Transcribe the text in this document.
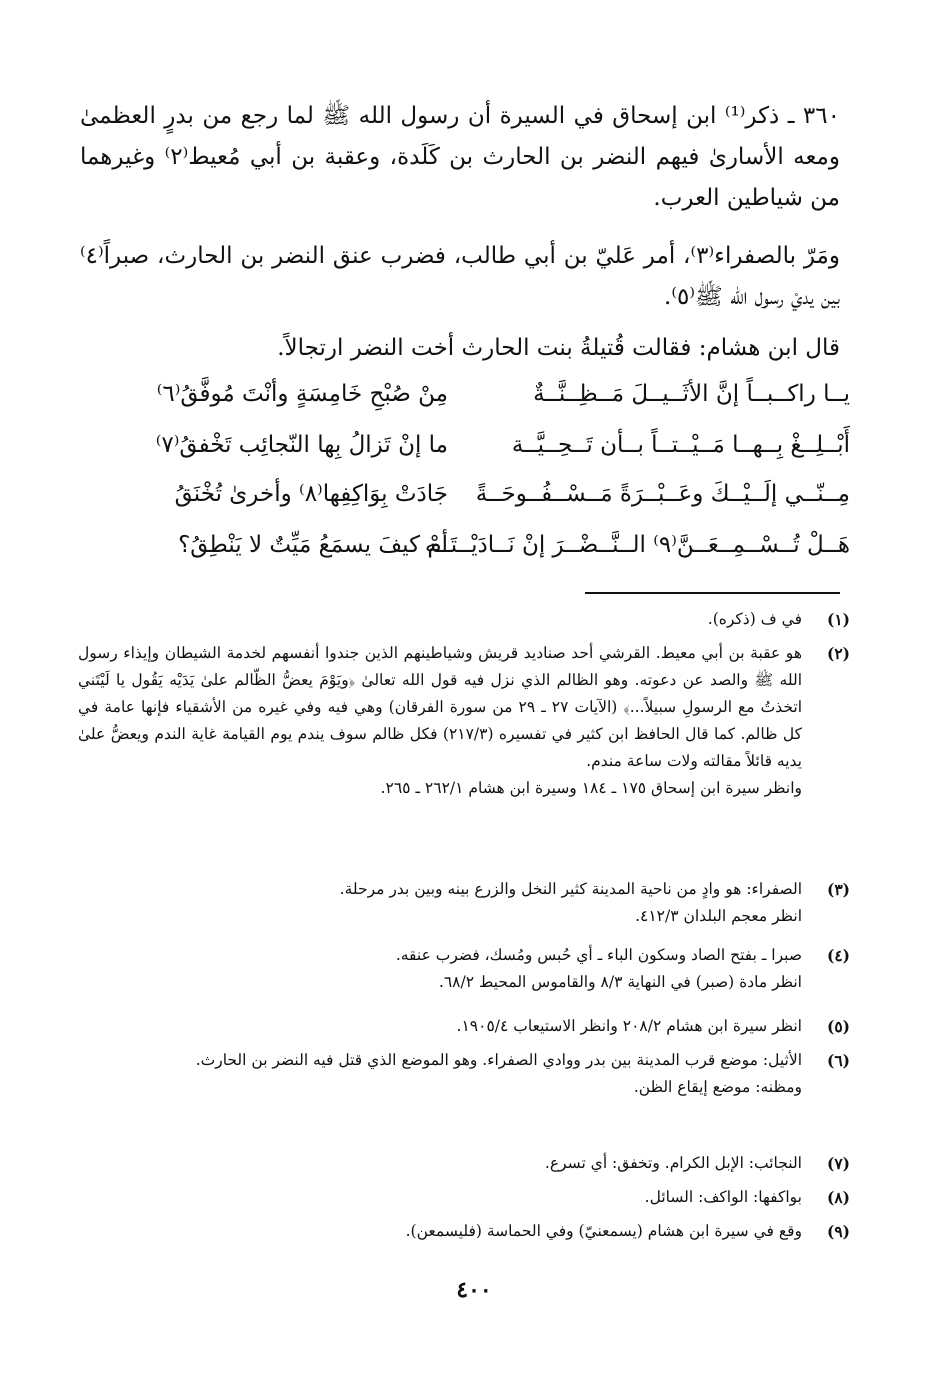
٣٦٠ ـ ذكر⁽¹⁾ ابن إسحاق في السيرة أن رسول الله ﷺ لما رجع من بدرٍ العظمىٰ ومعه الأسارىٰ فيهم النضر بن الحارث بن كَلَدة، وعقبة بن أبي مُعيط⁽٢⁾ وغيرهما من شياطين العرب.
ومَرّ بالصفراء⁽٣⁾، أمر عَليّ بن أبي طالب، فضرب عنق النضر بن الحارث، صبراً⁽٤⁾ بين يديْ رسول الله ﷺ⁽٥⁾.
قال ابن هشام: فقالت قُتيلةُ بنت الحارث أخت النضر ارتجالاً.
يــا راكــبــاً إنَّ الأثَــيــلَ مَــظِــنَّــةٌ
مِنْ صُبْحِ خَامِسَةٍ وأنْتَ مُوفَّقُ⁽٦⁾
أَبْــلِــغْ بِــهــا مَــيْــتــاً بــأن تَــحِــيَّــة
ما إنْ تَزالُ بِها النّجائِب تَخْفقُ⁽٧⁾
مِــنّــي إلَــيْــكَ وعَــبْــرَةً مَــسْــفُــوحَــةً
جَادَتْ بِوَاكِفِها⁽٨⁾ وأخرىٰ تُخْنَقُ
هَــلْ تُــسْــمِــعَــنَّ⁽٩⁾ الــنَّــضْــرَ إنْ نَــادَيْــتَــه
أمْ كيفَ يسمَعُ مَيِّتٌ لا يَنْطِقُ؟
(١)

في ف (ذكره).

(٢)

هو عقبة بن أبي معيط. القرشي أحد صناديد قريش وشياطينهم الذين جندوا أنفسهم لخدمة الشيطان وإيذاء رسول الله ﷺ والصد عن دعوته. وهو الظالم الذي نزل فيه قول الله تعالىٰ ﴿ويَوْمَ يعضُّ الظّالم علىٰ يَدَيْه يَقُول يا لَيْتَني اتخذتُ مع الرسولِ سبيلاً...﴾ (الآيات ٢٧ ـ ٢٩ من سورة الفرقان) وهي فيه وفي غيره من الأشقياء فإنها عامة في كل ظالم. كما قال الحافظ ابن كثير في تفسيره (٢١٧/٣) فكل ظالم سوف يندم يوم القيامة غاية الندم ويعضُّ علىٰ يديه قائلاً مقالته ولات ساعة مندم.

وانظر سيرة ابن إسحاق ١٧٥ ـ ١٨٤ وسيرة ابن هشام ٢٦٢/١ ـ ٢٦٥.

(٣)

الصفراء: هو وادٍ من ناحية المدينة كثير النخل والزرع بينه وبين بدر مرحلة.

انظر معجم البلدان ٤١٢/٣.

(٤)

صبرا ـ بفتح الصاد وسكون الباء ـ أي حُبس ومُسك، فضرب عنقه.

انظر مادة (صبر) في النهاية ٨/٣ والقاموس المحيط ٦٨/٢.

(٥)

انظر سيرة ابن هشام ٢٠٨/٢ وانظر الاستيعاب ١٩٠٥/٤.

(٦)

الأثيل: موضع قرب المدينة بين بدر ووادي الصفراء. وهو الموضع الذي قتل فيه النضر بن الحارث.

ومظنه: موضع إيقاع الظن.

(٧)

النجائب: الإبل الكرام. وتخفق: أي تسرع.

(٨)

بواكفها: الواكف: السائل.

(٩)

وقع في سيرة ابن هشام (يسمعنيّ) وفي الحماسة (فليسمعن).

٤٠٠
